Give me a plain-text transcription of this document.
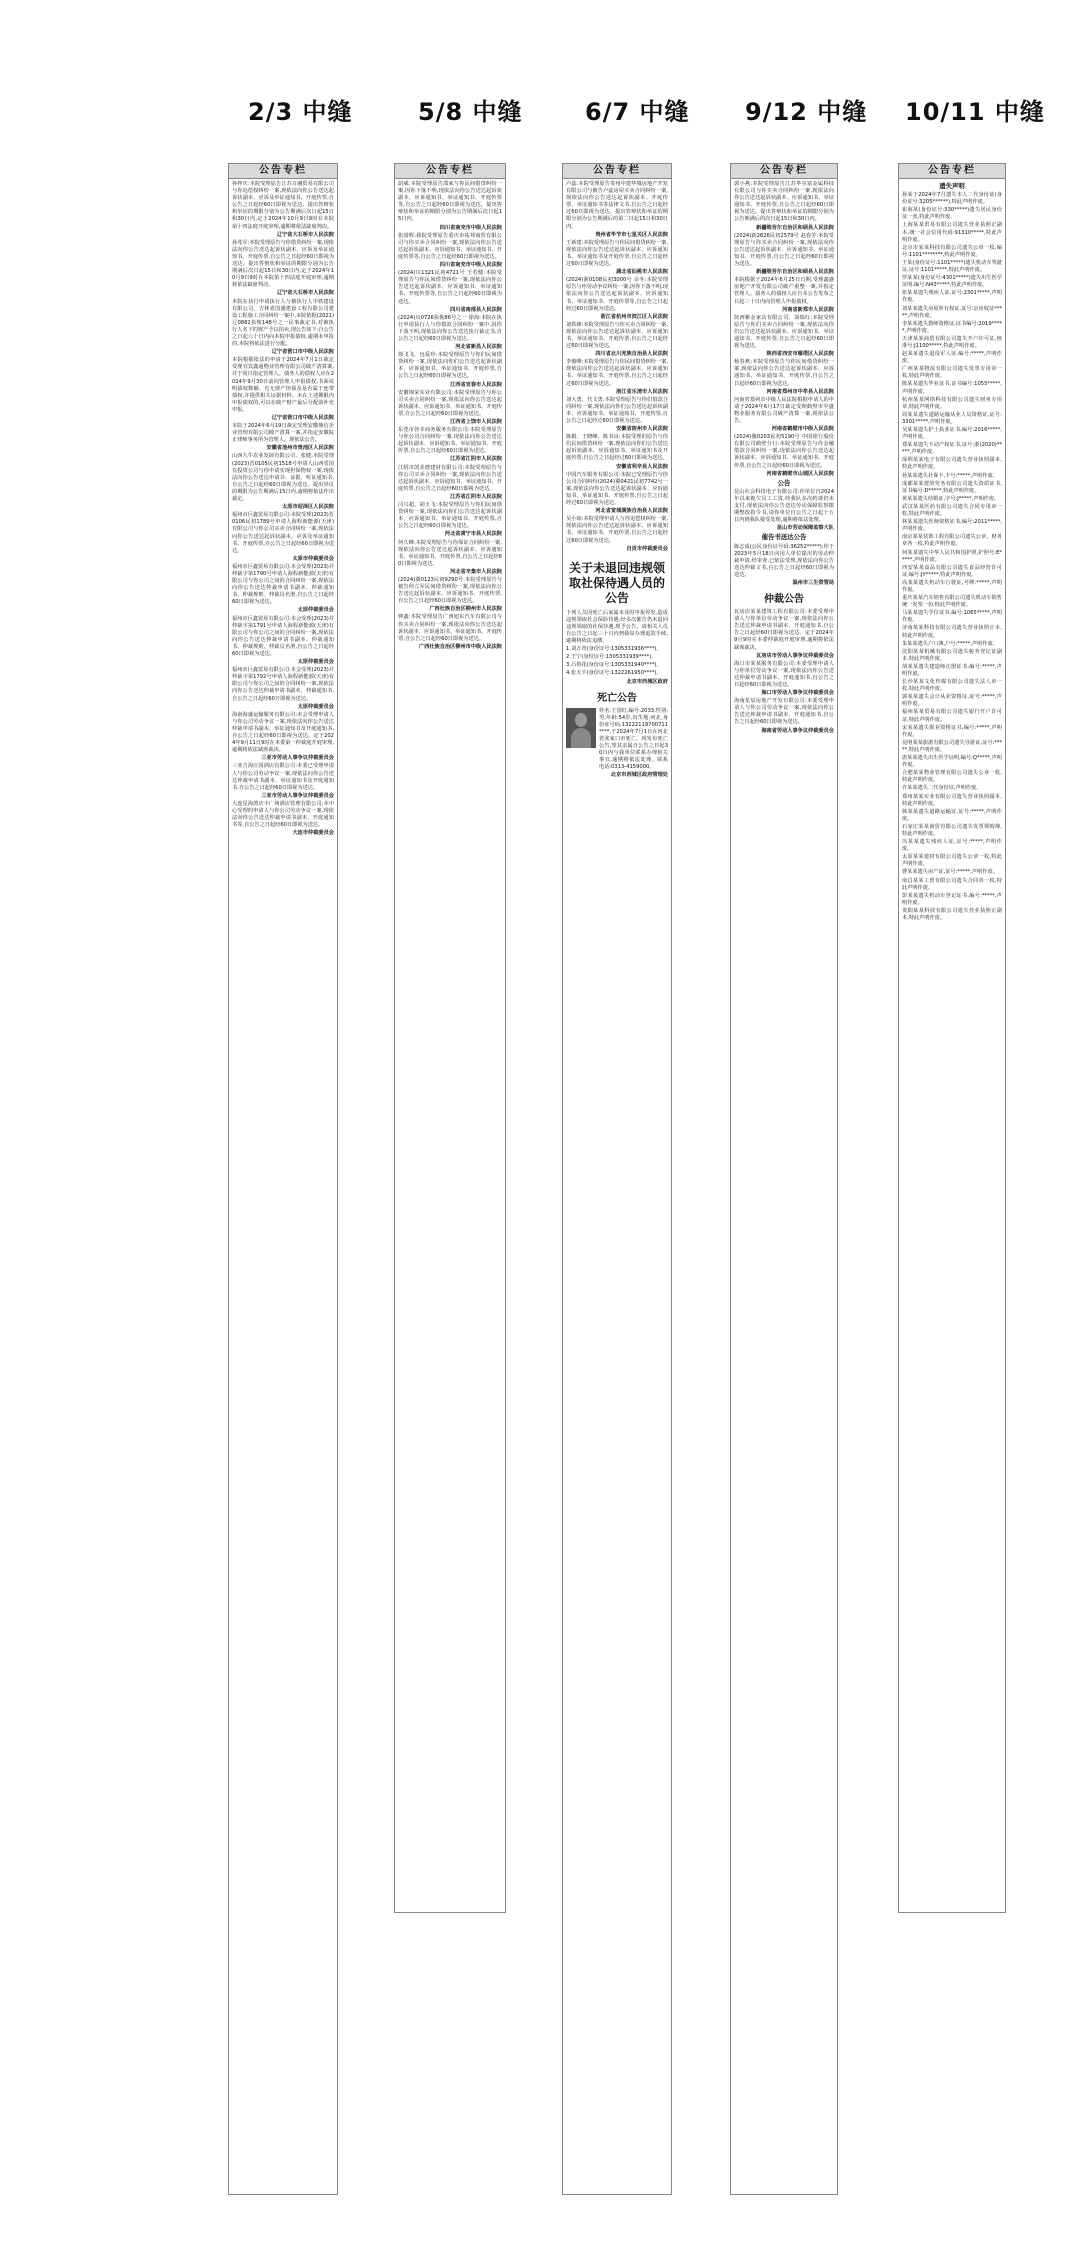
2/3 中缝	5/8 中缝	6/7 中缝 9/12 中缝 10/11 中缝
公告专栏

孙梓庆:本院受理原告江苏万融贸易有限公司与你追偿权纠纷一案,现依法向你公告送达起诉状副本、应诉及举证通知书、开庭传票,自公告之日起经60日即视为送达。提出答辩状和举证的期限分别为公告期满后次日起15日和30日内,定于2024年10月9日9时在本院第十四法庭开庭审理,逾期将依法缺席判决。

辽宁省大石桥市人民法院

孙兆军:本院受理原告与你借贷纠纷一案,现依法向你公告送达起诉状副本、应诉及举证通知书、开庭传票,自公告之日起经60日即视为送达。提出答辩状和举证的期限分别为公告期满后次日起15日和30日内,定于2024年10月9日9时在本院第十四法庭开庭审理,逾期将依法缺席判决。

辽宁省大石桥市人民法院

本院在执行申请执行人与被执行人中铁建设有限公司、吉林省国盛建设工程有限公司建设工程施工合同纠纷一案中,本院依据(2021)辽0882执恢148号之一民事裁定书,对被执行人名下的财产予以拍卖,现公告如下:自公告之日起六十日内向本院申报债权,逾期未申报的,本院将依法进行分配。

辽宁省营口市中级人民法院

本院根据依法的申请于2024年7月1日裁定受理宜宾鑫通物业管理有限公司破产清算案,并于同日指定管理人。债务人的债权人应在2024年9月30日前向管理人申报债权,书面说明债权数额、有无财产担保及是否属于连带债权,并提供相关证据材料。未在上述期限内申报债权的,可以在破产财产最后分配前补充申报。

辽宁省营口市中级人民法院

本院于2024年6月19日裁定受理安徽鼎信企业管理有限公司破产清算一案,并指定安徽皖正律师事务所为管理人。现依法公告。

安徽省池州市贵池区人民法院

山西九牛农业发展有限公司、张健:本院受理(2023)晋0105民初1518号申请人山西省国有投资公司与你申请实现担保物权一案,现依法向你公告送达申请书、证据、听证通知书,自公告之日起经60日即视为送达。提出异议的期限为公告期满后15日内,逾期将依法作出裁定。

太原市迎泽区人民法院

福州市巨鑫贸易有限公司:本院受理(2023)晋0106民初1789号申请人海程新能源(天津)有限公司与你公司买卖合同纠纷一案,现依法向你公告送达起诉状副本、应诉及举证通知书、开庭传票,自公告之日起经60日即视为送达。

太原市仲裁委员会

福州市巨鑫贸易有限公司:本会受理(2023)并仲裁字第1790号申请人海程新能源(天津)有限公司与你公司之间的合同纠纷一案,现依法向你公告送达仲裁申请书副本、仲裁通知书、仲裁规则、仲裁员名册,自公告之日起经60日即视为送达。

太原仲裁委员会

福州市巨鑫贸易有限公司:本会受理(2023)并仲裁字第1791号申请人海程新能源(天津)有限公司与你公司之间的合同纠纷一案,现依法向你公告送达仲裁申请书副本、仲裁通知书、仲裁规则、仲裁员名册,自公告之日起经60日即视为送达。

太原仲裁委员会

福州市巨鑫贸易有限公司:本会受理(2023)并仲裁字第1792号申请人海程新能源(天津)有限公司与你公司之间的合同纠纷一案,现依法向你公告送达仲裁申请书副本、仲裁通知书,自公告之日起经60日即视为送达。

太原仲裁委员会

海南海盛运输服务有限公司:本会受理申请人与你公司劳动争议一案,现依法向你公告送达仲裁申请书副本、举证通知书及开庭通知书,自公告之日起经60日即视为送达。定于2024年9月11日9时在本委第一仲裁庭开庭审理,逾期将依法缺席裁决。

三亚市劳动人事争议仲裁委员会

三亚吉海庄园酒店有限公司:本委已受理申请人与你公司劳动争议一案,现依法向你公告送达仲裁申请书副本、举证通知书及开庭通知书,自公告之日起经60日即视为送达。

三亚市劳动人事争议仲裁委员会

大连星海湾庆丰广场酒店管理有限公司:本中心受理的申请人与你公司劳动争议一案,现依法向你公告送达仲裁申请书副本、开庭通知书等,自公告之日起经60日即视为送达。

大连市仲裁委员会

公告专栏

韶威:本院受理原告邵家与你民间借贷纠纷一案,因你下落不明,现依法向你公告送达起诉状副本、应诉通知书、举证通知书、开庭传票等,自公告之日起经60日即视为送达。提出答辩状和举证的期限分别为公告期满后次日起15日内。

四川省南充市中级人民法院

张国辉:我院受理原告重庆市祐邦商贸有限公司与你买卖合同纠纷一案,现依法向你公告送达起诉状副本、应诉通知书、举证通知书、开庭传票等,自公告之日起经60日即视为送达。

四川省南充市中级人民法院

(2024)川1321民初4721号 王若健:本院受理原告与你民间借贷纠纷一案,现依法向你公告送达起诉状副本、应诉通知书、举证通知书、开庭传票等,自公告之日起经60日即视为送达。

四川省南部县人民法院

(2024)川0726执恢86号之一 徐海:本院在执行申请执行人与你借款合同纠纷一案中,因你下落不明,现依法向你公告送达执行裁定书,自公告之日起经60日即视为送达。

河北省新昌人民法院

徐飞飞、包爱珍:本院受理原告与你们民间借贷纠纷一案,现依法向你们公告送达起诉状副本、应诉通知书、举证通知书、开庭传票,自公告之日起经60日即视为送达。

江西省宜春市人民法院

安徽锦荣实业有限公司:本院受理原告与你公司买卖合同纠纷一案,现依法向你公告送达起诉状副本、应诉通知书、举证通知书、开庭传票,自公告之日起经60日即视为送达。

江西省上饶市人民法院

东莞市谷幸商务服务有限公司:本院受理原告与你公司合同纠纷一案,现依法向你公告送达起诉状副本、应诉通知书、举证通知书、开庭传票,自公告之日起经60日即视为送达。

江苏省江阴市人民法院

江阴市凯美德建材有限公司:本院受理原告与你公司买卖合同纠纷一案,现依法向你公告送达起诉状副本、应诉通知书、举证通知书、开庭传票,自公告之日起经60日即视为送达。

江苏省江阴市人民法院

闫兴超、胡玉飞:本院受理原告与你们民间借贷纠纷一案,现依法向你们公告送达起诉状副本、应诉通知书、举证通知书、开庭传票,自公告之日起经60日即视为送达。

河北省肃宁市县人民法院

何久峰:本院受理原告与你保证合同纠纷一案,现依法向你公告送达起诉状副本、应诉通知书、举证通知书、开庭传票,自公告之日起经60日即视为送达。

河北省辛集市人民法院

(2024)冀0123民初9290号:本院受理原告与被告何立军民间借贷纠纷一案,现依法向你公告送达起诉状副本、应诉通知书、开庭传票,自公告之日起经60日即视为送达。

广西壮族自治区柳州市人民法院

钟鑫:本院受理原告广西旭东汽车有限公司与你买卖合同纠纷一案,现依法向你公告送达起诉状副本、应诉通知书、举证通知书、开庭传票,自公告之日起经60日即视为送达。

广西壮族自治区柳州市中级人民法院

公告专栏

卢蕊:本院受理原告贵州中建华城房地产开发有限公司与被告卢蕊房屋买卖合同纠纷一案,现依法向你公告送达起诉状副本、开庭传票、举证通知书等法律文书,自公告之日起经过60日即视为送达。提出答辩状和举证的期限分别为公告期满后的第二日起15日和30日内。

贵州省毕节市七星关区人民法院

王新建:本院受理原告与你民间借贷纠纷一案,现依法向你公告送达起诉状副本、应诉通知书、举证通知书及开庭传票,自公告之日起经过60日即视为送达。

湖北省仙桃市人民法院

(2024)浙0108民初3000号 余冬:本院受理原告与你劳动争议纠纷一案,因你下落不明,现依法向你公告送达起诉状副本、应诉通知书、举证通知书、开庭传票等,自公告之日起经过60日即视为送达。

浙江省杭州市滨江区人民法院

刘铁锋:本院受理原告与你买卖合同纠纷一案,现依法向你公告送达起诉状副本、应诉通知书、举证通知书、开庭传票,自公告之日起经过60日即视为送达。

四川省北川羌族自治县人民法院

李俊峰:本院受理原告与你民间借贷纠纷一案,现依法向你公告送达起诉状副本、应诉通知书、举证通知书、开庭传票,自公告之日起经过60日即视为送达。

浙江省乐清市人民法院

刘大勇、代文勇:本院受理原告与你们借款合同纠纷一案,现依法向你们公告送达起诉状副本、应诉通知书、举证通知书、开庭传票,自公告之日起经过60日即视为送达。

安徽省宿州市人民法院

陈娟、王晓峰、陈书良:本院受理的原告与你们民间借贷纠纷一案,现依法向你们公告送达起诉状副本、应诉通知书、举证通知书及开庭传票,自公告之日起经过60日即视为送达。

安徽省利辛县人民法院

中国汽车服务有限公司:本院已受理原告与你公司合同纠纷(2024)冀0421民初7742号一案,现依法向你公告送达起诉状副本、应诉通知书、举证通知书、开庭传票,自公告之日起经过60日即视为送达。

河北省宽城满族自治县人民法院

吴小琼:本院受理申请人与你追偿权纠纷一案,现依法向你公告送达起诉状副本、应诉通知书、举证通知书、开庭传票,自公告之日起经过60日即视为送达。

自贡市仲裁委员会

关于未退回违规领取社保待遇人员的公告

下列人员因死亡后家属未及时申报停发,造成违规领取社会保险待遇,经多次催告仍未退回违规领取的社保待遇,现予公告。请相关人员自公告之日起三十日内到我局办理退款手续,逾期将依法追缴。

1.刘万青(身份证号:1305331936****),

2.王宁(身份证号:1305331939****),

3.吕荷花(身份证号:1305331940****),

4.张天平(身份证号:1322261950****)。

北京市西城区政府

死亡公告

姓名:王国红,编号:2033,性别:男,年龄:54岁,出生地:河北,身份证号码:13222119700711****,于2024年7月1日在河北省张家口市死亡。现发布死亡公告,望其亲属自公告之日起30日内与我单位联系办理相关事宜,逾期将依法处理。联系电话:0313-4159000。

北京市西城区政府管理处

公告专栏

郭小燕:本院受理原告江苏华尔富金属科技有限公司与你买卖合同纠纷一案,现依法向你公告送达起诉状副本、应诉通知书、举证通知书、开庭传票,自公告之日起经60日即视为送达。提出答辩状和举证的期限分别为公告期满后的次日起15日和30日内。

新疆维吾尔自治区和硕县人民法院

(2024)新2826民初2579号 赵春芳:本院受理原告与你买卖合同纠纷一案,现依法向你公告送达起诉状副本、应诉通知书、举证通知书、开庭传票,自公告之日起经60日即视为送达。

新疆维吾尔自治区和硕县人民法院

本院根据于2024年6月25日日期,受理鑫盛房地产开发有限公司破产重整一案,并指定管理人。债务人的债权人应自本公告发布之日起三十日内向管理人申报债权。

河南省新郑市人民法院

陕西紫金家具有限公司、刘瑞红:本院受理原告与你们买卖合同纠纷一案,现依法向你们公告送达起诉状副本、应诉通知书、举证通知书、开庭传票,自公告之日起经60日即视为送达。

陕西省西安市雁塔区人民法院

杨春燕:本院受理原告与你民间借贷纠纷一案,现依法向你公告送达起诉状副本、应诉通知书、举证通知书、开庭传票,自公告之日起经60日即视为送达。

河南省郑州市中牟县人民法院

河南省郑州市中级人民法院根据申请人的申请于2024年6月17日裁定受理鹤壁市中盛物业服务有限公司破产清算一案,现依法公告。

河南省鹤壁市中级人民法院

(2024)豫0203民初5190号 中国银行股份有限公司鹤壁分行:本院受理原告与你金融借款合同纠纷一案,现依法向你公告送达起诉状副本、应诉通知书、举证通知书、开庭传票,自公告之日起经60日即视为送达。

河南省鹤壁市山城区人民法院

公告

昆山社会科技电子有限公司:你单位自2024年以来拖欠员工工资,经我队多次约谈仍未支付,现依法向你公告送达劳动保障监察限期整改指令书,请你单位自公告之日起十五日内到我队接受处理,逾期将依法处理。

昆山市劳动保障监察大队

催告书送达公告

陈志成(公民身份证号码:36252*****):你于2023年5月18日向用人单位提出的劳动仲裁申请,经审查,已依法受理,现依法向你公告送达仲裁文书,自公告之日起经60日即视为送达。

温州市三生资管局

仲裁公告

瓦房店某某建筑工程有限公司:本委受理申请人与你单位劳动争议一案,现依法向你公告送达仲裁申请书副本、开庭通知书,自公告之日起经60日即视为送达。定于2024年9月9时在本委仲裁庭开庭审理,逾期将依法缺席裁决。

瓦房店市劳动人事争议仲裁委员会

海口市某某服务有限公司:本委受理申请人与你单位劳动争议一案,现依法向你公告送达仲裁申请书副本、开庭通知书,自公告之日起经60日即视为送达。

海口市劳动人事争议仲裁委员会

海南星辰房地产开发有限公司:本委受理申请人与你公司劳动争议一案,现依法向你公告送达仲裁申请书副本、开庭通知书,自公告之日起经60日即视为送达。

海南省劳动人事争议仲裁委员会

公告专栏
遗失声明

孙某于2024年7月遗失本人二代身份证(身份证号:3205******),特此声明作废。

崔海某(身份证号:330*****)遗失居民身份证一张,特此声明作废。

上海某某贸易有限公司遗失营业执照正副本,统一社会信用代码:91310*****,特此声明作废。

北京市某某科技有限公司遗失公章一枚,编号:1101********,特此声明作废。

王某(身份证号:1101*****)遗失机动车驾驶证,证号:1101*****,特此声明作废。

罗某某(身份证号:4301*****)遗失出生医学证明,编号:N43*****,特此声明作废。

张某某遗失残疾人证,证号:2301*****,声明作废。

刘某某遗失房屋所有权证,证号:京房权证*****,声明作废。

李某某遗失教师资格证,证书编号:2019*****,声明作废。

天津某某商贸有限公司遗失开户许可证,核准号:J1100*****,特此声明作废。

赵某某遗失退役军人证,编号:*****,声明作废。

广州某某物流有限公司遗失发票专用章一枚,特此声明作废。

陈某某遗失毕业证书,证书编号:1055*****,声明作废。

杭州某某网络科技有限公司遗失财务专用章,特此声明作废。

周某某遗失道路运输从业人员资格证,证号:3301*****,声明作废。

吴某某遗失护士执业证书,编号:2016*****,声明作废。

郑某某遗失不动产权证书,证号:浙(2020)*****,声明作废。

深圳某某电子有限公司遗失营业执照副本,特此声明作废。

孙某某遗失社保卡,卡号:*****,声明作废。

成都某某建筑劳务有限公司遗失资质证书,证书编号:D*****,特此声明作废。

黄某某遗失结婚证,字号:J*****,声明作废。

武汉某某医药有限公司遗失合同专用章一枚,特此声明作废。

林某某遗失医师资格证书,编号:2011*****,声明作废。

南京某某装饰工程有限公司遗失公章、财务章各一枚,特此声明作废。

何某某遗失中华人民共和国护照,护照号:E*****,声明作废。

西安某某食品有限公司遗失食品经营许可证,编号:JY*****,特此声明作废。

高某某遗失机动车行驶证,号牌:*****,声明作废。

重庆某某汽车销售有限公司遗失机动车销售统一发票一份,特此声明作废。

马某某遗失学位证书,编号:1065*****,声明作废。

济南某某科技有限公司遗失营业执照正本,特此声明作废。

朱某某遗失户口簿,户号:*****,声明作废。

沈阳某某机械有限公司遗失税务登记证副本,特此声明作废。

胡某某遗失建造师注册证书,编号:*****,声明作废。

长沙某某文化传媒有限公司遗失法人章一枚,特此声明作废。

郭某某遗失会计从业资格证,证号:*****,声明作废。

福州某某贸易有限公司遗失银行开户许可证,特此声明作废。

宋某某遗失职业资格证书,编号:*****,声明作废。

昆明某某旅游有限公司遗失导游证,证号:*****,特此声明作废。

唐某某遗失出生医学证明,编号:Q*****,声明作废。

合肥某某物业管理有限公司遗失公章一枚,特此声明作废。

许某某遗失二代身份证,声明作废。

郑州某某实业有限公司遗失营业执照副本,特此声明作废。

韩某某遗失道路运输证,证号:*****,声明作废。

石家庄某某商贸有限公司遗失发票领购簿,特此声明作废。

冯某某遗失残疾人证,证号:*****,声明作废。

太原某某建材有限公司遗失公章一枚,特此声明作废。

曹某某遗失房产证,证号:*****,声明作废。

南昌某某工贸有限公司遗失合同章一枚,特此声明作废。

彭某某遗失机动车登记证书,编号:*****,声明作废。

贵阳某某科技有限公司遗失营业执照正副本,特此声明作废。
